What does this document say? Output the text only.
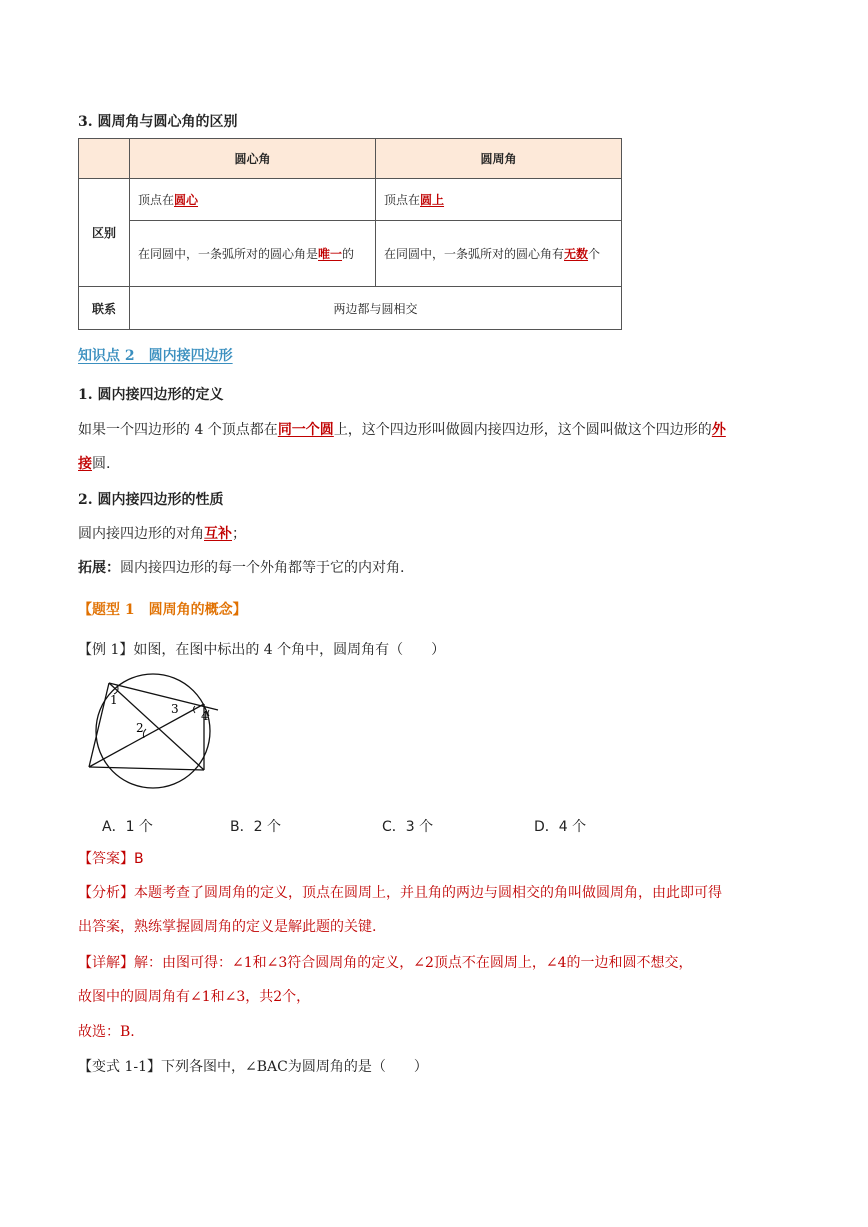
3. 圆周角与圆心角的区别
	圆心角	圆周角
区别	顶点在圆心	顶点在圆上
	在同圆中，一条弧所对的圆心角是唯一的	在同圆中，一条弧所对的圆心角有无数个
联系	两边都与圆相交	
知识点 2　圆内接四边形
1. 圆内接四边形的定义
如果一个四边形的 4 个顶点都在同一个圆上，这个四边形叫做圆内接四边形，这个圆叫做这个四边形的外
接圆.
2. 圆内接四边形的性质
圆内接四边形的对角互补；
拓展：圆内接四边形的每一个外角都等于它的内对角.
【题型 1　圆周角的概念】
【例 1】如图，在图中标出的 4 个角中，圆周角有（　　）
1
2
3 4
A．1 个	B．2 个	C．3 个	D．4 个
【答案】B
【分析】本题考查了圆周角的定义，顶点在圆周上，并且角的两边与圆相交的角叫做圆周角，由此即可得
出答案，熟练掌握圆周角的定义是解此题的关键.
【详解】解：由图可得：∠1和∠3符合圆周角的定义，∠2顶点不在圆周上，∠4的一边和圆不想交，
故图中的圆周角有∠1和∠3，共2个，
故选：B.
【变式 1-1】下列各图中，∠BAC为圆周角的是（　　）
